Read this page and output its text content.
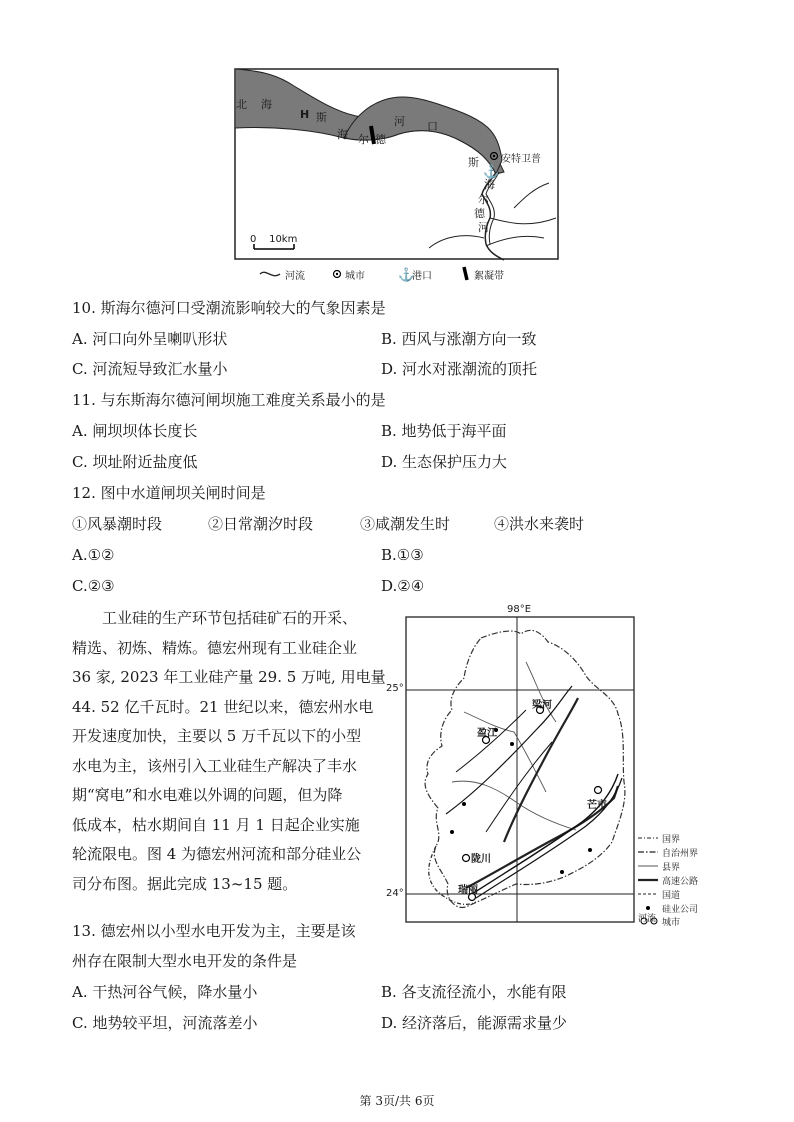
⚓
⚓
北 海
H 斯
海 尔 德
河 口
安特卫普
斯
海
尔
德
河
0    10km
河流	城市	港口	絮凝带
10. 斯海尔德河口受潮流影响较大的气象因素是
A. 河口向外呈喇叭形状	B. 西风与涨潮方向一致
C. 河流短导致汇水量小	D. 河水对涨潮流的顶托
11. 与东斯海尔德河闸坝施工难度关系最小的是
A. 闸坝坝体长度长	B. 地势低于海平面
C. 坝址附近盐度低	D. 生态保护压力大
12. 图中水道闸坝关闸时间是
①风暴潮时段	②日常潮汐时段	③咸潮发生时	④洪水来袭时
A.①②	B.①③
C.②③	D.②④
工业硅的生产环节包括硅矿石的开采、
精选、初炼、精炼。德宏州现有工业硅企业
36 家, 2023 年工业硅产量 29. 5 万吨, 用电量
44. 52 亿千瓦时。21 世纪以来，德宏州水电
开发速度加快，主要以 5 万千瓦以下的小型
水电为主，该州引入工业硅生产解决了丰水
期“窝电”和水电难以外调的问题，但为降
低成本，枯水期间自 11 月 1 日起企业实施
轮流限电。图 4 为德宏州河流和部分硅业公
司分布图。据此完成 13~15 题。
98°E
25°
24°
梁河
盈江
芒市
陇川
瑞丽
国界
自治州界
县界
高速公路
国道
硅业公司
城市
河流
13. 德宏州以小型水电开发为主，主要是该
州存在限制大型水电开发的条件是
A. 干热河谷气候，降水量小	B. 各支流径流小，水能有限
C. 地势较平坦，河流落差小	D. 经济落后，能源需求量少
第 3页/共 6页
